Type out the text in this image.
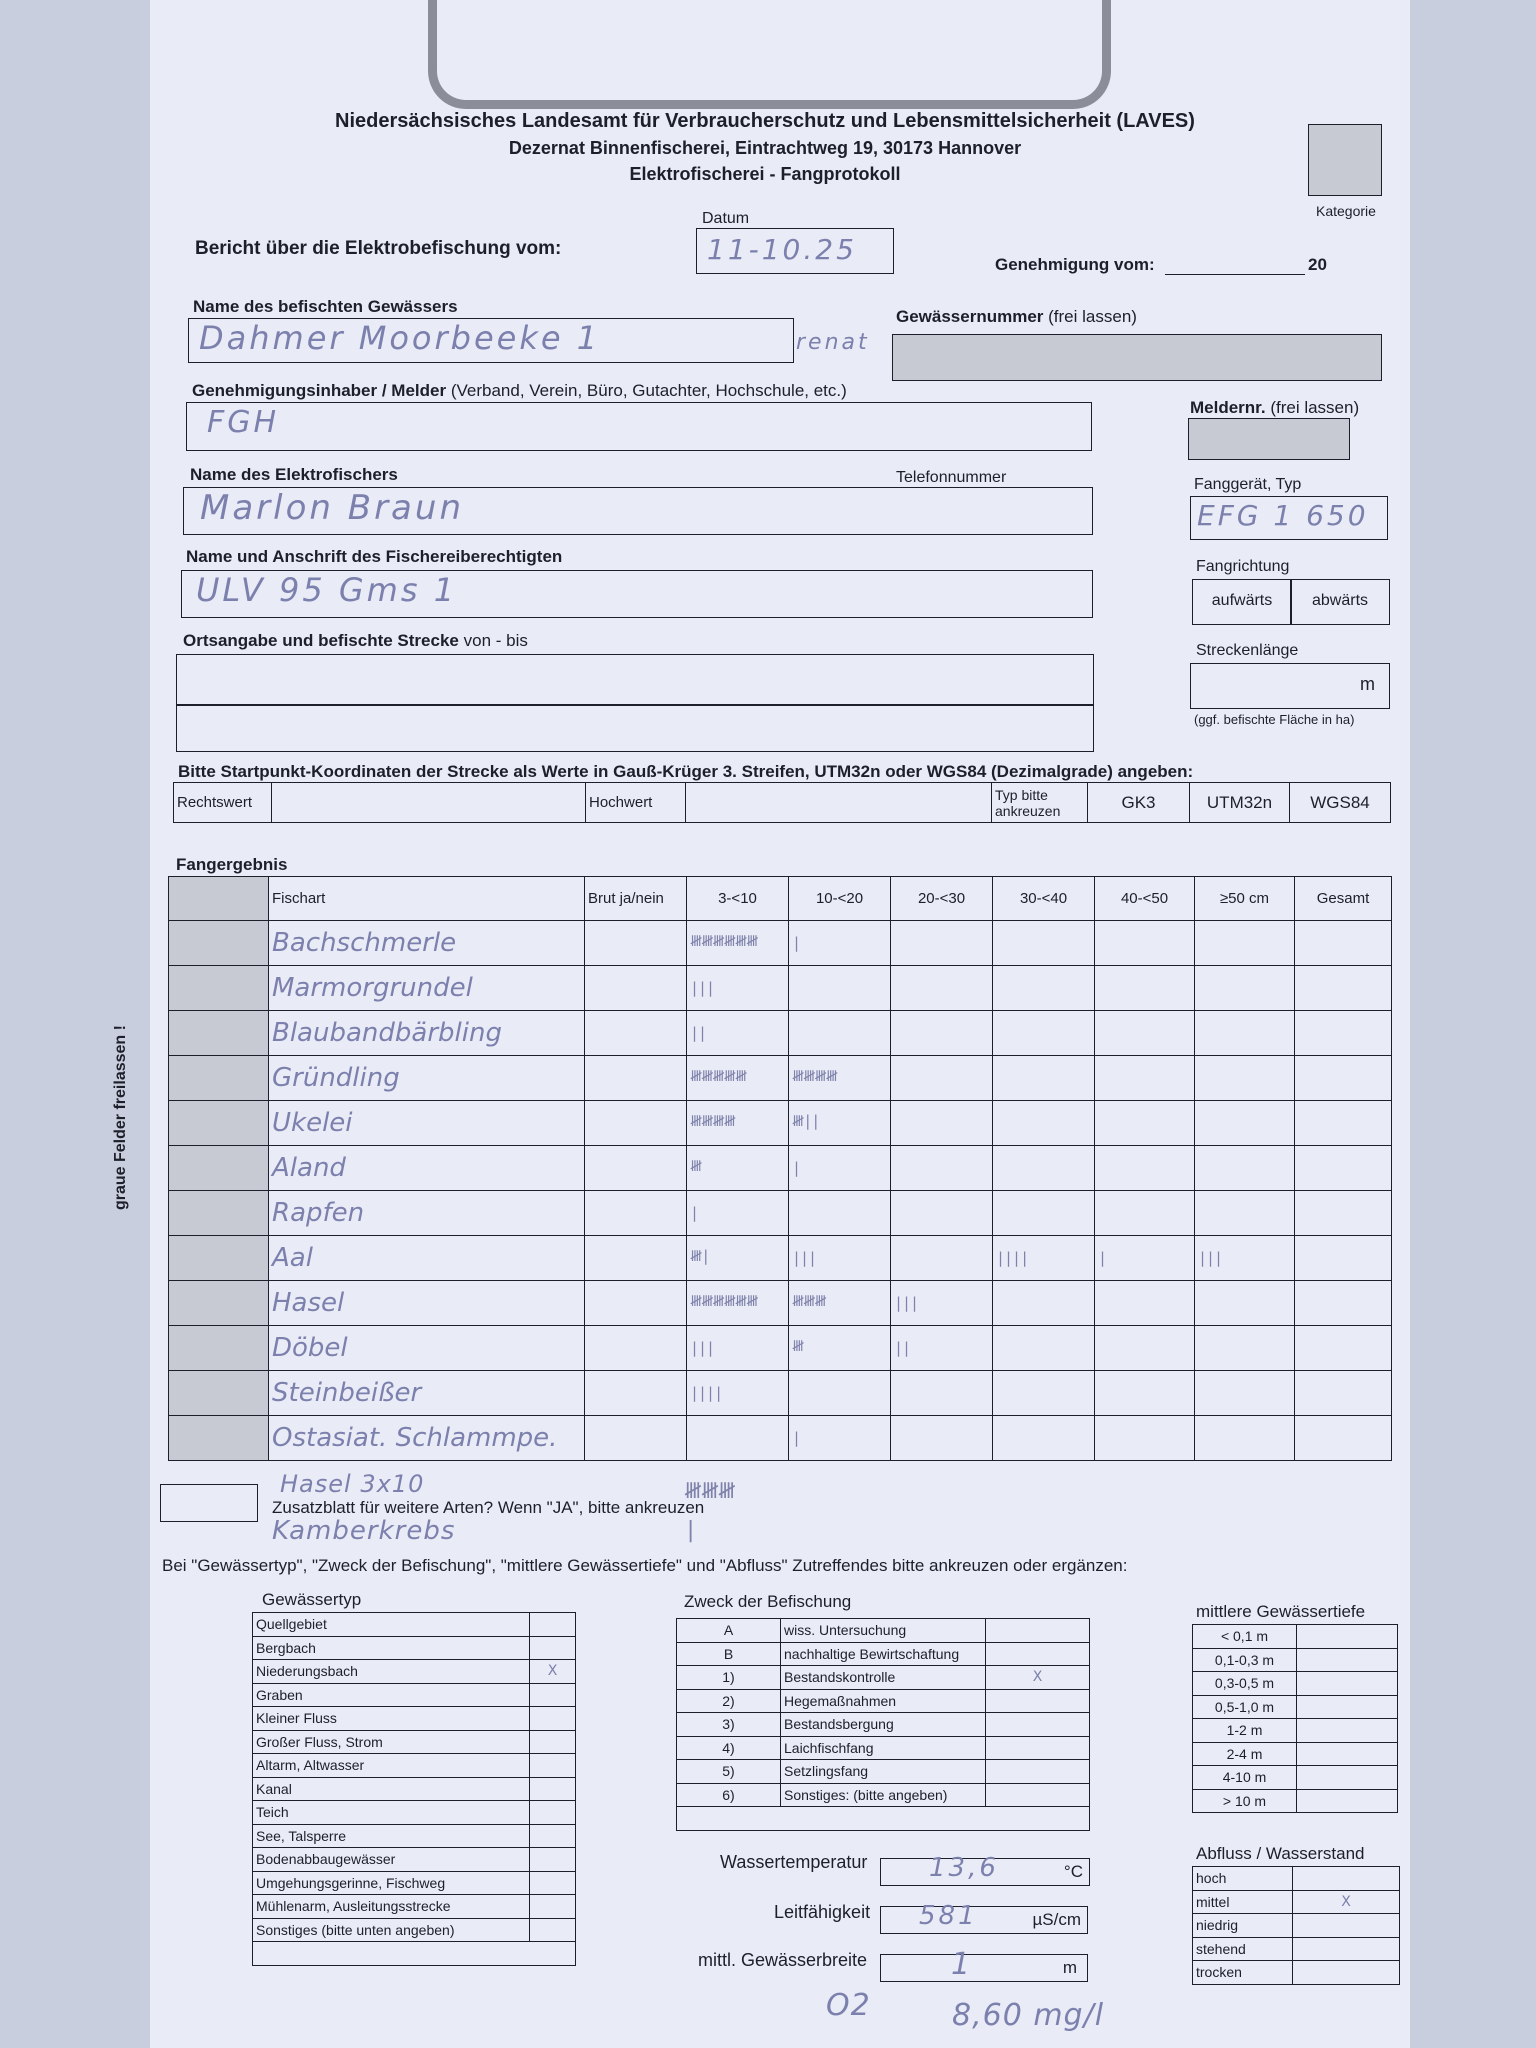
Niedersächsisches Landesamt für Verbraucherschutz und Lebensmittelsicherheit (LAVES)
Dezernat Binnenfischerei, Eintrachtweg 19, 30173 Hannover
Elektrofischerei - Fangprotokoll
Kategorie
Datum
Bericht über die Elektrobefischung vom:	11-10.25	Genehmigung vom:	20
Name des befischten Gewässers
Dahmer Moorbeeke 1	renat
Gewässernummer (frei lassen)
Genehmigungsinhaber / Melder (Verband, Verein, Büro, Gutachter, Hochschule, etc.)
FGH	Meldernr. (frei lassen)
Name des Elektrofischers	Telefonnummer
Marlon Braun
Fanggerät, Typ
EFG 1 650
Name und Anschrift des Fischereiberechtigten
ULV 95 Gms 1
Fangrichtung
aufwärts	abwärts
Ortsangabe und befischte Strecke von - bis
Streckenlänge
m
(ggf. befischte Fläche in ha)
Bitte Startpunkt-Koordinaten der Strecke als Werte in Gauß-Krüger 3. Streifen, UTM32n oder WGS84 (Dezimalgrade) angeben:
Rechtswert		Hochwert		Typ bitte ankreuzen	GK3	UTM32n	WGS84
Fangergebnis
graue Felder freilassen !
	Fischart	Brut ja/nein	3-<10	10-<20	20-<30	30-<40	40-<50	≥50 cm	Gesamt
	Bachschmerle		𝍸𝍸𝍸𝍸𝍸𝍸	|					
	Marmorgrundel		|||						
	Blaubandbärbling		||						
	Gründling		𝍸𝍸𝍸𝍸𝍸	𝍸𝍸𝍸𝍸					
	Ukelei		𝍸𝍸𝍸𝍸	𝍸||					
	Aland		𝍸	|					
	Rapfen		|						
	Aal		𝍸|	|||		||||	|	|||	
	Hasel		𝍸𝍸𝍸𝍸𝍸𝍸	𝍸𝍸𝍸	|||				
	Döbel		|||	𝍸	||				
	Steinbeißer		||||						
	Ostasiat. Schlammpe.			|					
Hasel 3x10	𝍸𝍸𝍸
Zusatzblatt für weitere Arten? Wenn "JA", bitte ankreuzen
Kamberkrebs	|
Bei "Gewässertyp", "Zweck der Befischung", "mittlere Gewässertiefe" und "Abfluss" Zutreffendes bitte ankreuzen oder ergänzen:
Gewässertyp
Quellgebiet	
Bergbach	
Niederungsbach	X
Graben	
Kleiner Fluss	
Großer Fluss, Strom	
Altarm, Altwasser	
Kanal	
Teich	
See, Talsperre	
Bodenabbaugewässer	
Umgehungsgerinne, Fischweg	
Mühlenarm, Ausleitungsstrecke	
Sonstiges (bitte unten angeben)	

Zweck der Befischung
A	wiss. Untersuchung	
B	nachhaltige Bewirtschaftung	
1)	Bestandskontrolle	X
2)	Hegemaßnahmen	
3)	Bestandsbergung	
4)	Laichfischfang	
5)	Setzlingsfang	
6)	Sonstiges: (bitte angeben)	

Wassertemperatur 13,6	°C
Leitfähigkeit 581	µS/cm
mittl. Gewässerbreite	1	m
O2	8,60 mg/l
mittlere Gewässertiefe
< 0,1 m	
0,1-0,3 m	
0,3-0,5 m	
0,5-1,0 m	
1-2 m	
2-4 m	
4-10 m	
> 10 m	
Abfluss / Wasserstand
hoch	
mittel	X
niedrig	
stehend	
trocken	
